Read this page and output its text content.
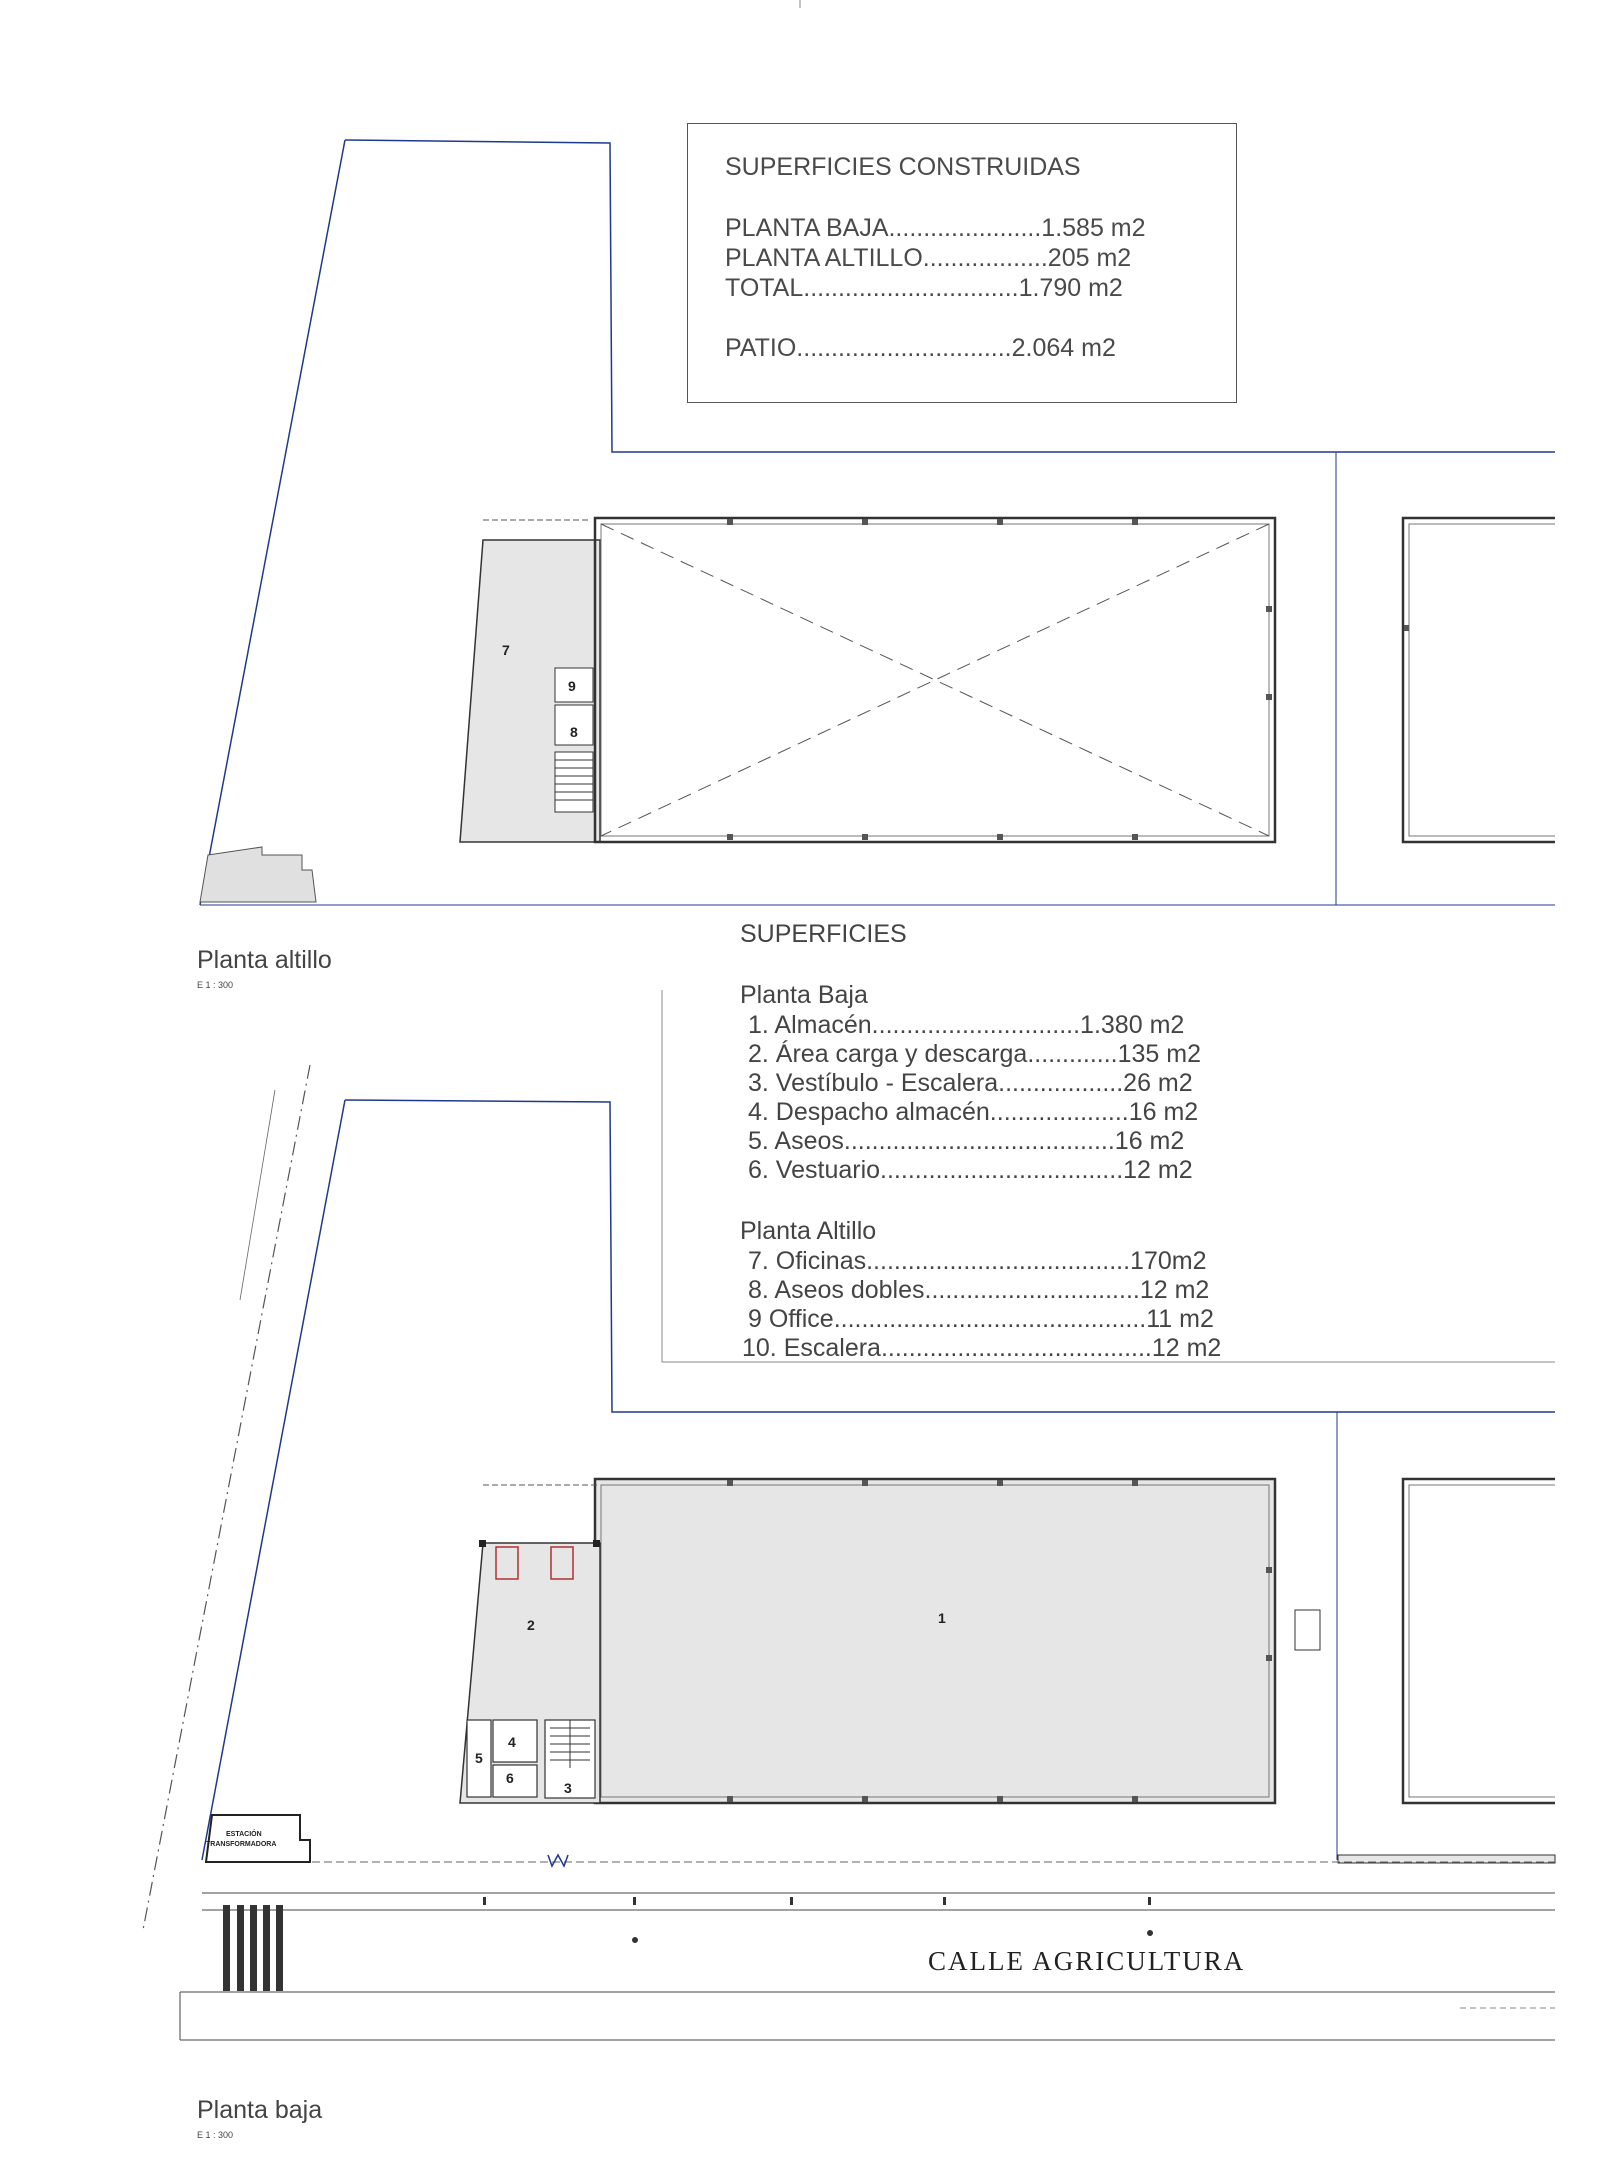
SUPERFICIES CONSTRUIDAS
PLANTA BAJA......................1.585 m2
PLANTA ALTILLO..................205 m2
TOTAL...............................1.790 m2
PATIO...............................2.064 m2
SUPERFICIES
Planta Baja
1. Almacén..............................1.380 m2
2. Área carga y descarga.............135 m2
3. Vestíbulo - Escalera..................26 m2
4. Despacho almacén....................16 m2
5. Aseos.......................................16 m2
6. Vestuario...................................12 m2
Planta Altillo
7. Oficinas......................................170m2
8. Aseos dobles...............................12 m2
9 Office.............................................11 m2
10. Escalera.......................................12 m2
Planta altillo
E 1 : 300
Planta baja
E 1 : 300
7
9
8
1
2
4
5
6
3
ESTACIÓN
TRANSFORMADORA
CALLE AGRICULTURA
